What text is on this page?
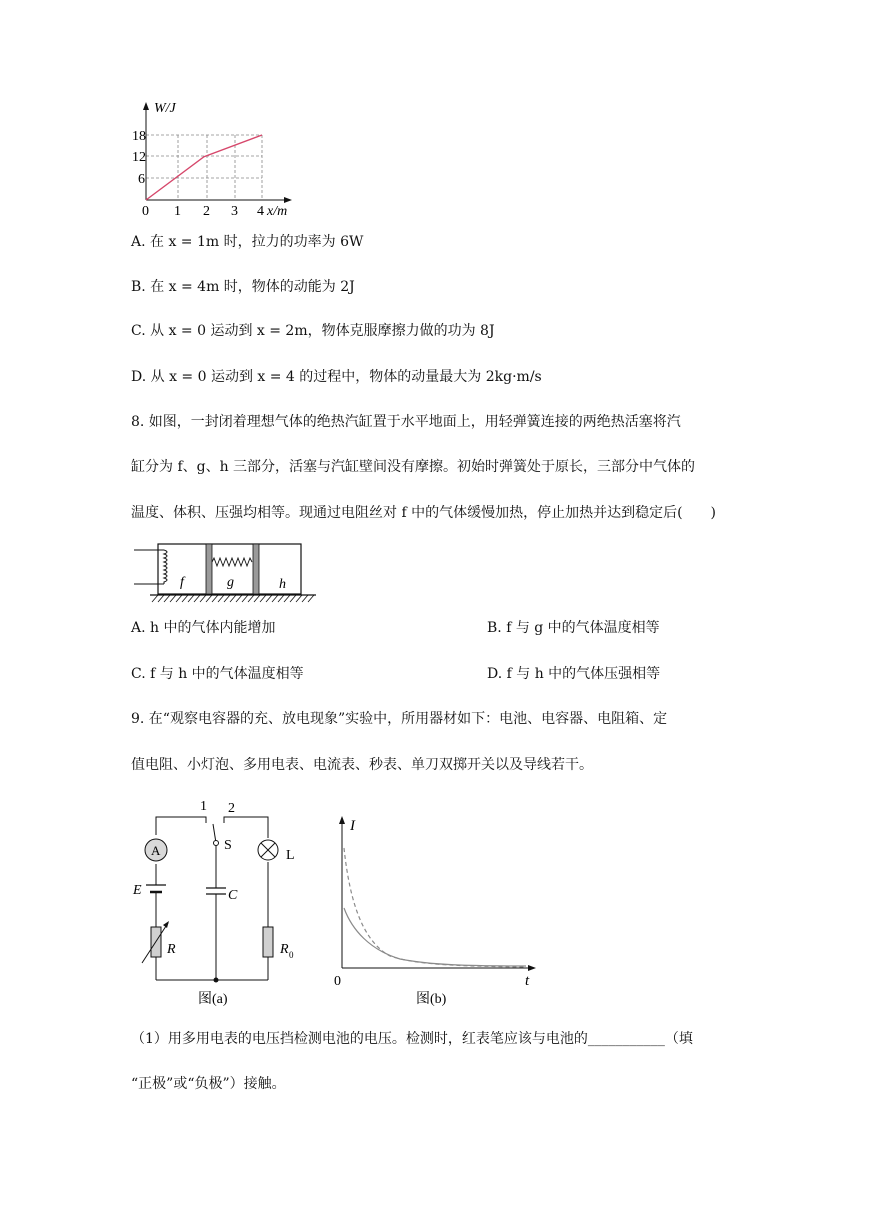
W/J
18
12
6
0 1 2 3 4 x/m
A. 在 x = 1m 时，拉力的功率为 6W
B. 在 x = 4m 时，物体的动能为 2J
C. 从 x = 0 运动到 x = 2m，物体克服摩擦力做的功为 8J
D. 从 x = 0 运动到 x = 4 的过程中，物体的动量最大为 2kg·m/s
8. 如图，一封闭着理想气体的绝热汽缸置于水平地面上，用轻弹簧连接的两绝热活塞将汽
缸分为 f、g、h 三部分，活塞与汽缸壁间没有摩擦。初始时弹簧处于原长，三部分中气体的
温度、体积、压强均相等。现通过电阻丝对 f 中的气体缓慢加热，停止加热并达到稳定后(　　)
f	g	h
A. h 中的气体内能增加	B. f 与 g 中的气体温度相等
C. f 与 h 中的气体温度相等	D. f 与 h 中的气体压强相等
9. 在“观察电容器的充、放电现象”实验中，所用器材如下：电池、电容器、电阻箱、定
值电阻、小灯泡、多用电表、电流表、秒表、单刀双掷开关以及导线若干。
A
1 2
S
L
E	C
R	R 0
图(a)
I
0	t
图(b)
（1）用多用电表的电压挡检测电池的电压。检测时，红表笔应该与电池的___________（填
“正极”或“负极”）接触。
